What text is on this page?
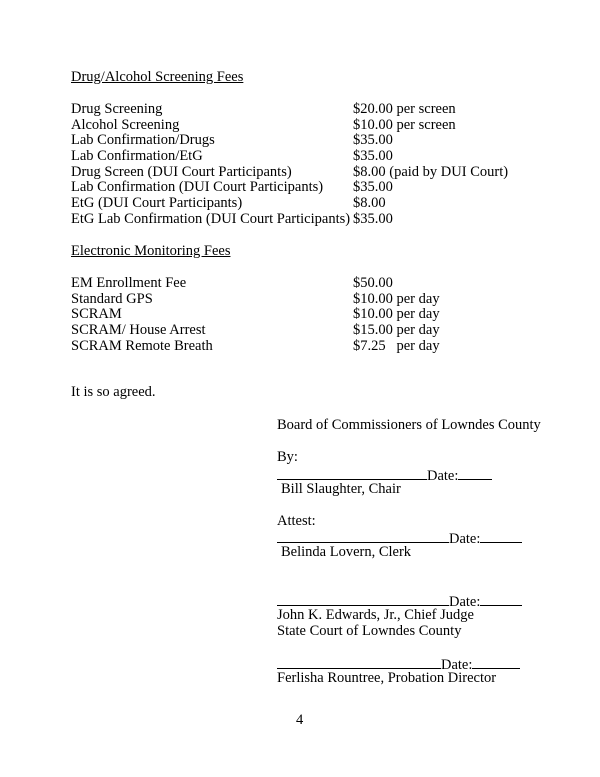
Drug/Alcohol Screening Fees
Drug Screening	$20.00 per screen
Alcohol Screening	$10.00 per screen
Lab Confirmation/Drugs	$35.00
Lab Confirmation/EtG	$35.00
Drug Screen (DUI Court Participants)	$8.00 (paid by DUI Court)
Lab Confirmation (DUI Court Participants)	$35.00
EtG (DUI Court Participants)	$8.00
EtG Lab Confirmation (DUI Court Participants) $35.00
Electronic Monitoring Fees
EM Enrollment Fee	$50.00
Standard GPS	$10.00 per day
SCRAM	$10.00 per day
SCRAM/ House Arrest	$15.00 per day
SCRAM Remote Breath	$7.25   per day
It is so agreed.
Board of Commissioners of Lowndes County
By:
Date:
Bill Slaughter, Chair
Attest:
Date:
Belinda Lovern, Clerk
Date:
John K. Edwards, Jr., Chief Judge
State Court of Lowndes County
Date:
Ferlisha Rountree, Probation Director
4
